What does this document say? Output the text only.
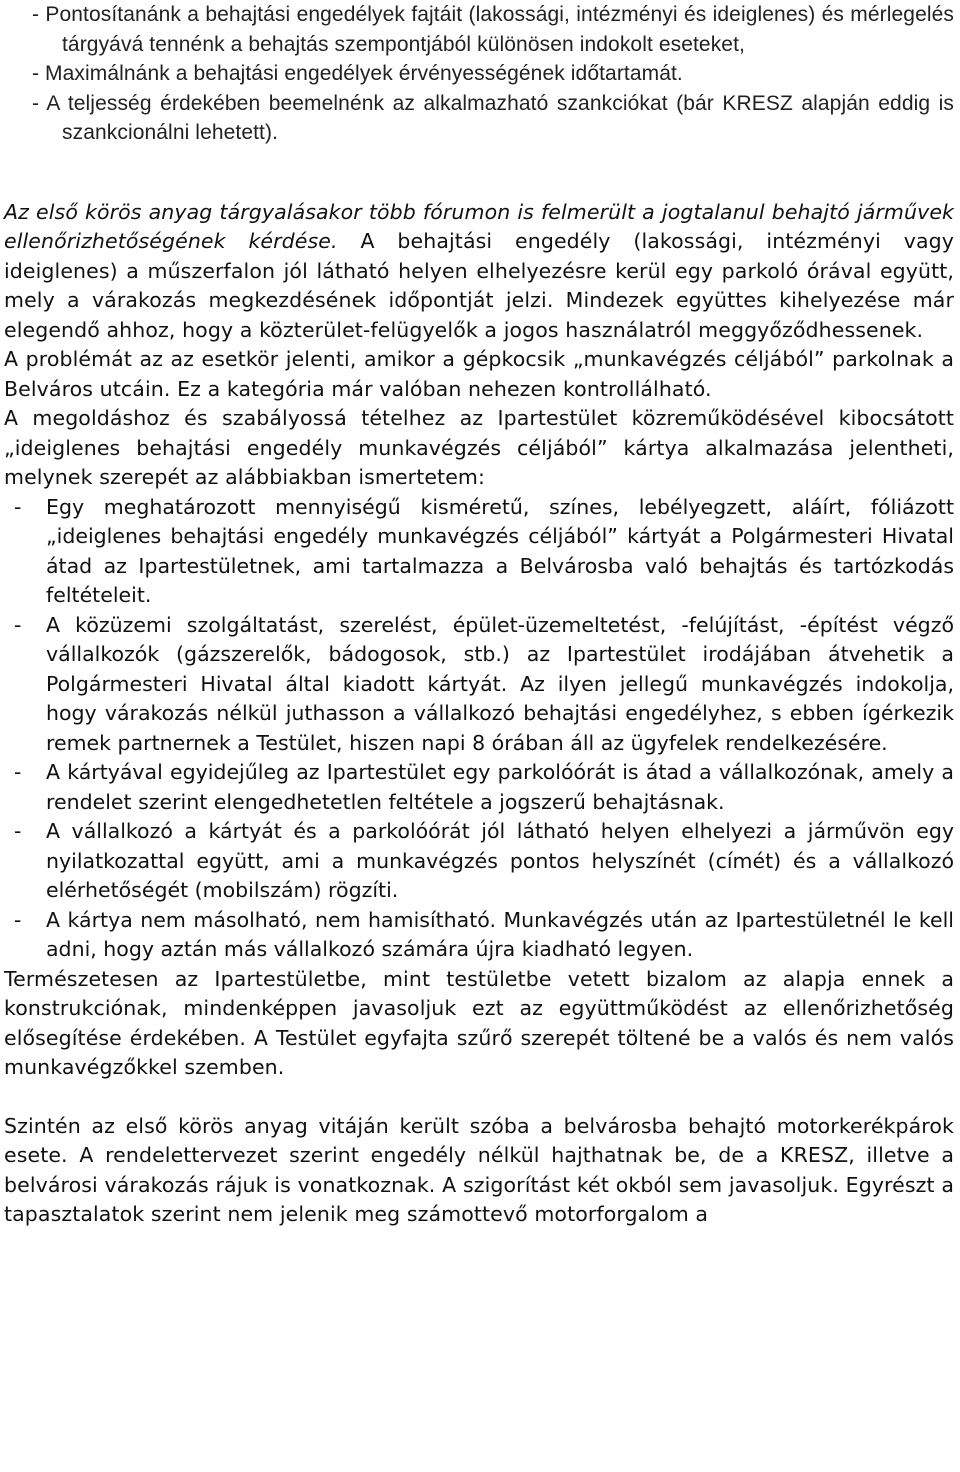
- Pontosítanánk a behajtási engedélyek fajtáit (lakossági, intézményi és ideiglenes) és mérlegelés tárgyává tennénk a behajtás szempontjából különösen indokolt eseteket,
- Maximálnánk a behajtási engedélyek érvényességének időtartamát.
- A teljesség érdekében beemelnénk az alkalmazható szankciókat (bár KRESZ alapján eddig is szankcionálni lehetett).

Az első körös anyag tárgyalásakor több fórumon is felmerült a jogtalanul behajtó járművek ellenőrizhetőségének kérdése. A behajtási engedély (lakossági, intézményi vagy ideiglenes) a műszerfalon jól látható helyen elhelyezésre kerül egy parkoló órával együtt, mely a várakozás megkezdésének időpontját jelzi. Mindezek együttes kihelyezése már elegendő ahhoz, hogy a közterület-felügyelők a jogos használatról meggyőződhessenek.

A problémát az az esetkör jelenti, amikor a gépkocsik „munkavégzés céljából” parkolnak a Belváros utcáin. Ez a kategória már valóban nehezen kontrollálható.

A megoldáshoz és szabályossá tételhez az Ipartestület közreműködésével kibocsátott „ideiglenes behajtási engedély munkavégzés céljából” kártya alkalmazása jelentheti, melynek szerepét az alábbiakban ismertetem:

- Egy meghatározott mennyiségű kisméretű, színes, lebélyegzett, aláírt, fóliázott „ideiglenes behajtási engedély munkavégzés céljából” kártyát a Polgármesteri Hivatal átad az Ipartestületnek, ami tartalmazza a Belvárosba való behajtás és tartózkodás feltételeit.

- A közüzemi szolgáltatást, szerelést, épület-üzemeltetést, -felújítást, -építést végző vállalkozók (gázszerelők, bádogosok, stb.) az Ipartestület irodájában átvehetik a Polgármesteri Hivatal által kiadott kártyát. Az ilyen jellegű munkavégzés indokolja, hogy várakozás nélkül juthasson a vállalkozó behajtási engedélyhez, s ebben ígérkezik remek partnernek a Testület, hiszen napi 8 órában áll az ügyfelek rendelkezésére.

- A kártyával egyidejűleg az Ipartestület egy parkolóórát is átad a vállalkozónak, amely a rendelet szerint elengedhetetlen feltétele a jogszerű behajtásnak.

- A vállalkozó a kártyát és a parkolóórát jól látható helyen elhelyezi a járművön egy nyilatkozattal együtt, ami a munkavégzés pontos helyszínét (címét) és a vállalkozó elérhetőségét (mobilszám) rögzíti.

- A kártya nem másolható, nem hamisítható. Munkavégzés után az Ipartestületnél le kell adni, hogy aztán más vállalkozó számára újra kiadható legyen.

Természetesen az Ipartestületbe, mint testületbe vetett bizalom az alapja ennek a konstrukciónak, mindenképpen javasoljuk ezt az együttműködést az ellenőrizhetőség elősegítése érdekében. A Testület egyfajta szűrő szerepét töltené be a valós és nem valós munkavégzőkkel szemben.

Szintén az első körös anyag vitáján került szóba a belvárosba behajtó motorkerékpárok esete. A rendelettervezet szerint engedély nélkül hajthatnak be, de a KRESZ, illetve a belvárosi várakozás rájuk is vonatkoznak. A szigorítást két okból sem javasoljuk. Egyrészt a tapasztalatok szerint nem jelenik meg számottevő motorforgalom a
